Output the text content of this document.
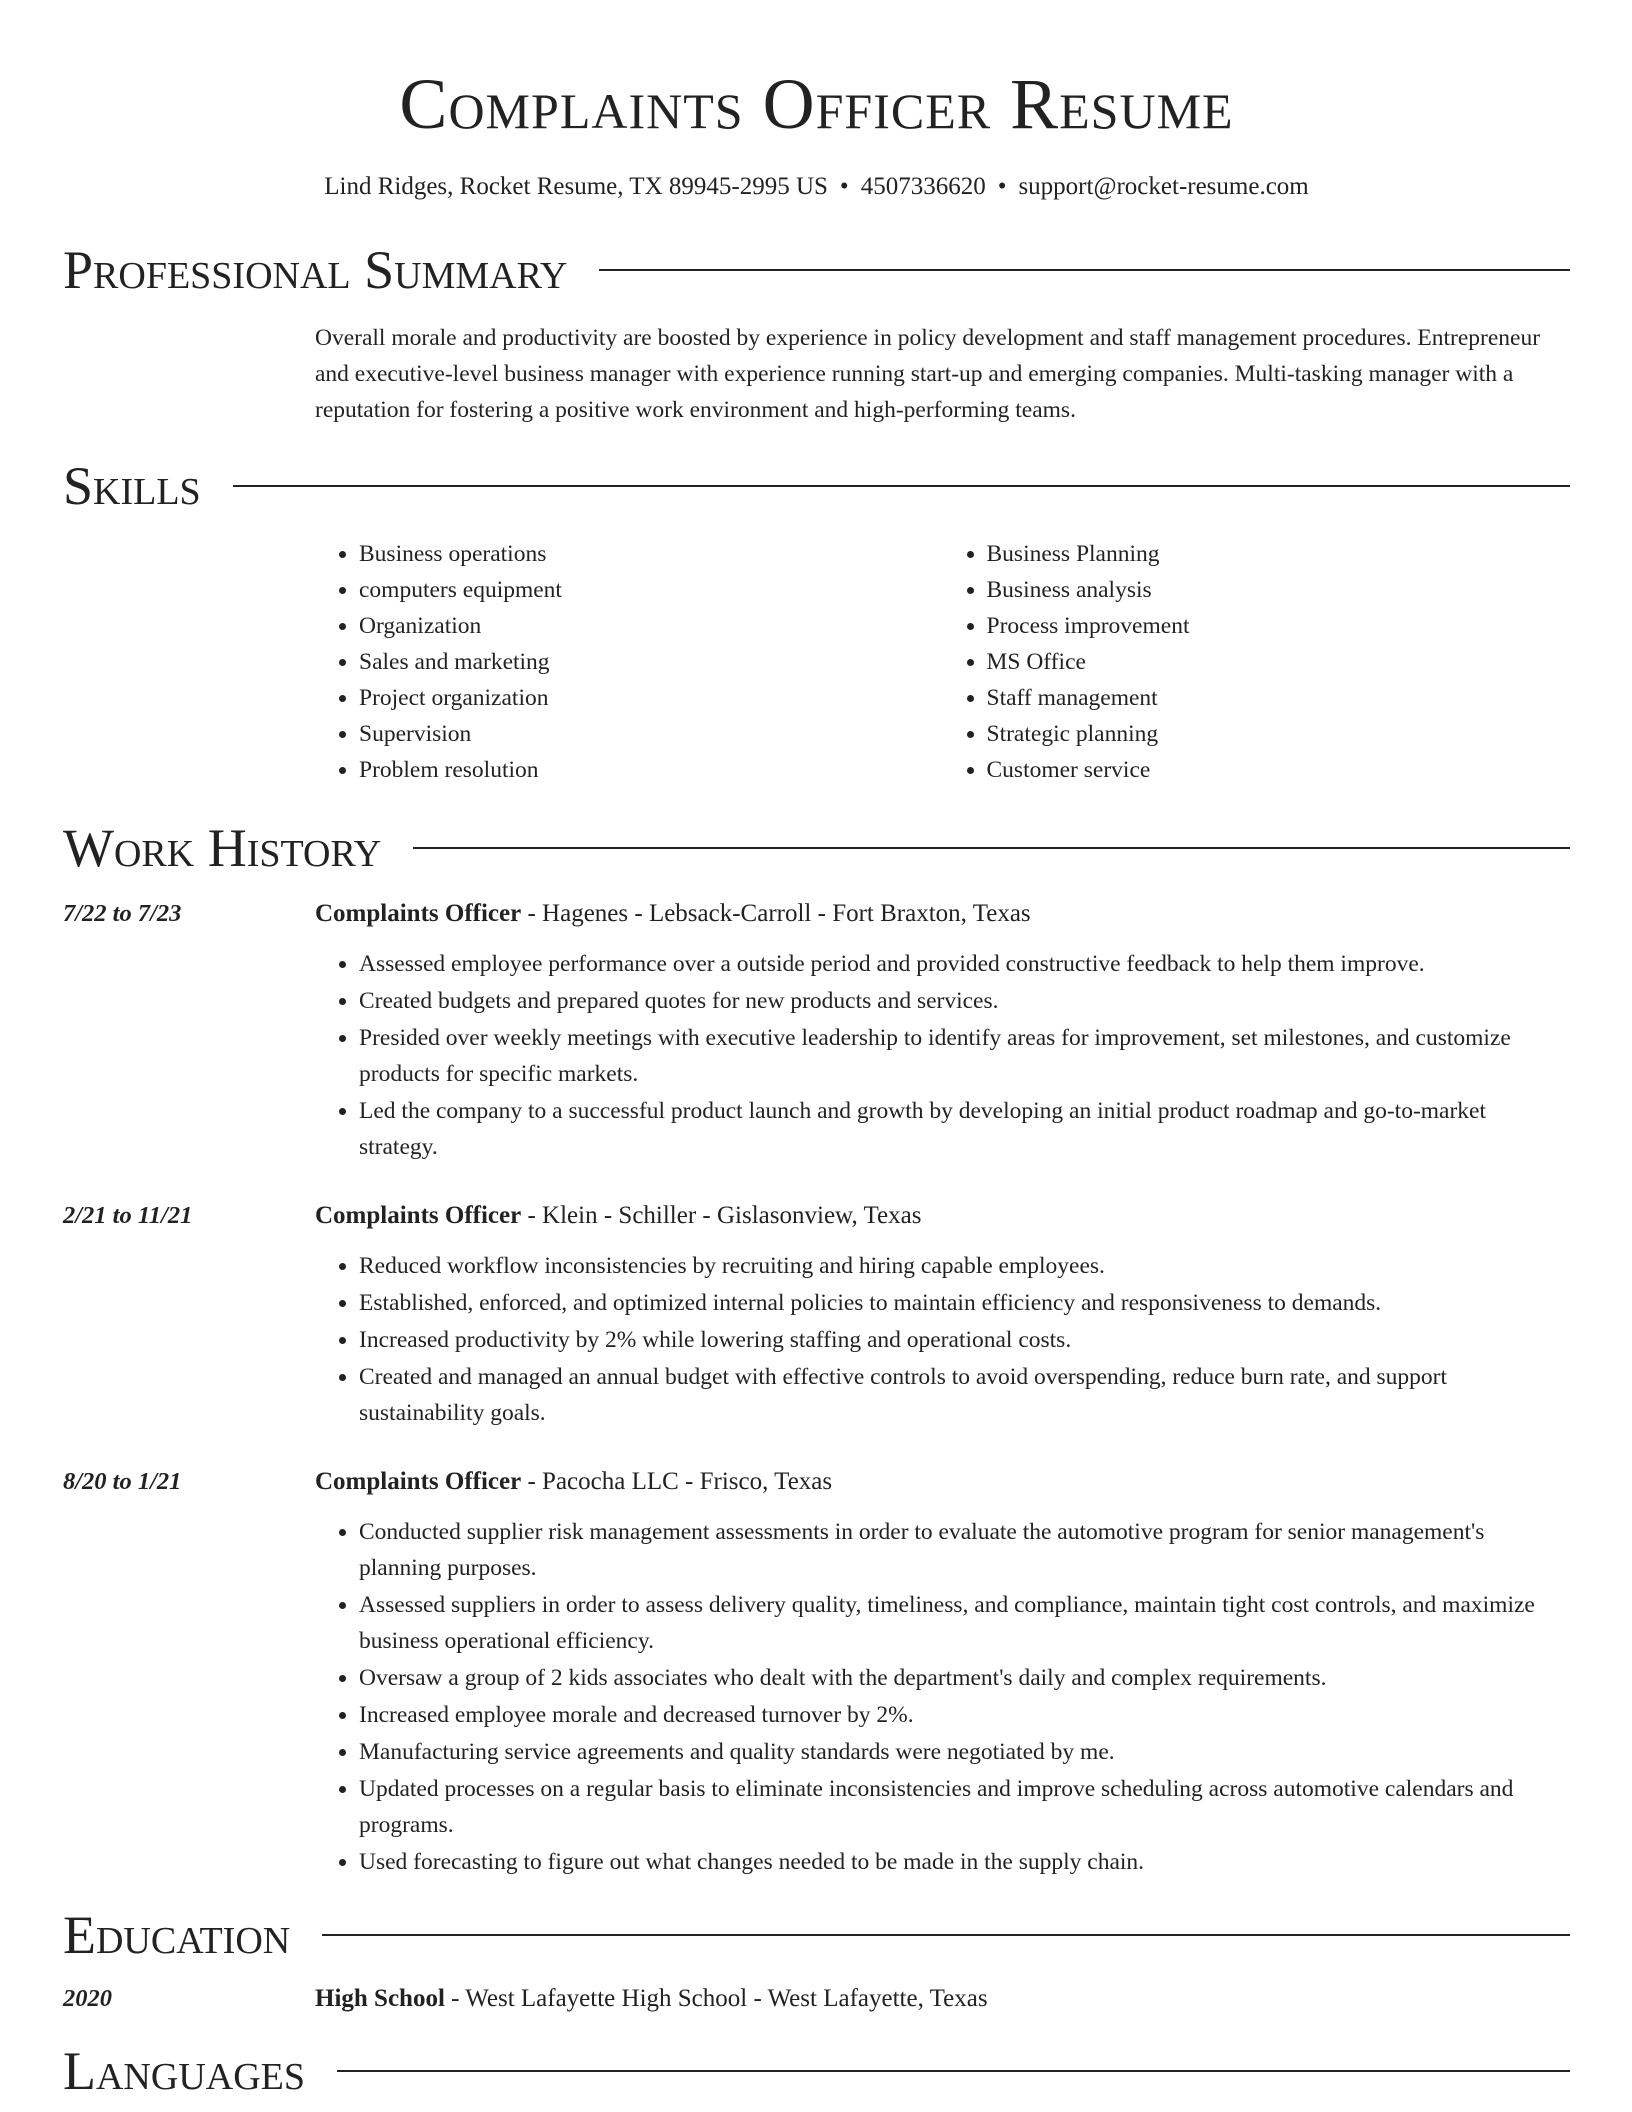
Complaints Officer Resume
Lind Ridges, Rocket Resume, TX 89945-2995 US • 4507336620 • support@rocket-resume.com
Professional Summary
Overall morale and productivity are boosted by experience in policy development and staff management procedures. Entrepreneur and executive-level business manager with experience running start-up and emerging companies. Multi-tasking manager with a reputation for fostering a positive work environment and high-performing teams.
Skills
• Business operations
• computers equipment
• Organization
• Sales and marketing
• Project organization
• Supervision
• Problem resolution
• Business Planning
• Business analysis
• Process improvement
• MS Office
• Staff management
• Strategic planning
• Customer service
Work History
7/22 to 7/23	Complaints Officer - Hagenes - Lebsack-Carroll - Fort Braxton, Texas
• Assessed employee performance over a outside period and provided constructive feedback to help them improve.
• Created budgets and prepared quotes for new products and services.
• Presided over weekly meetings with executive leadership to identify areas for improvement, set milestones, and customize products for specific markets.
• Led the company to a successful product launch and growth by developing an initial product roadmap and go-to-market strategy.
2/21 to 11/21	Complaints Officer - Klein - Schiller - Gislasonview, Texas
• Reduced workflow inconsistencies by recruiting and hiring capable employees.
• Established, enforced, and optimized internal policies to maintain efficiency and responsiveness to demands.
• Increased productivity by 2% while lowering staffing and operational costs.
• Created and managed an annual budget with effective controls to avoid overspending, reduce burn rate, and support sustainability goals.
8/20 to 1/21	Complaints Officer - Pacocha LLC - Frisco, Texas
• Conducted supplier risk management assessments in order to evaluate the automotive program for senior management's planning purposes.
• Assessed suppliers in order to assess delivery quality, timeliness, and compliance, maintain tight cost controls, and maximize business operational efficiency.
• Oversaw a group of 2 kids associates who dealt with the department's daily and complex requirements.
• Increased employee morale and decreased turnover by 2%.
• Manufacturing service agreements and quality standards were negotiated by me.
• Updated processes on a regular basis to eliminate inconsistencies and improve scheduling across automotive calendars and programs.
• Used forecasting to figure out what changes needed to be made in the supply chain.
Education
2020	High School - West Lafayette High School - West Lafayette, Texas
Languages
